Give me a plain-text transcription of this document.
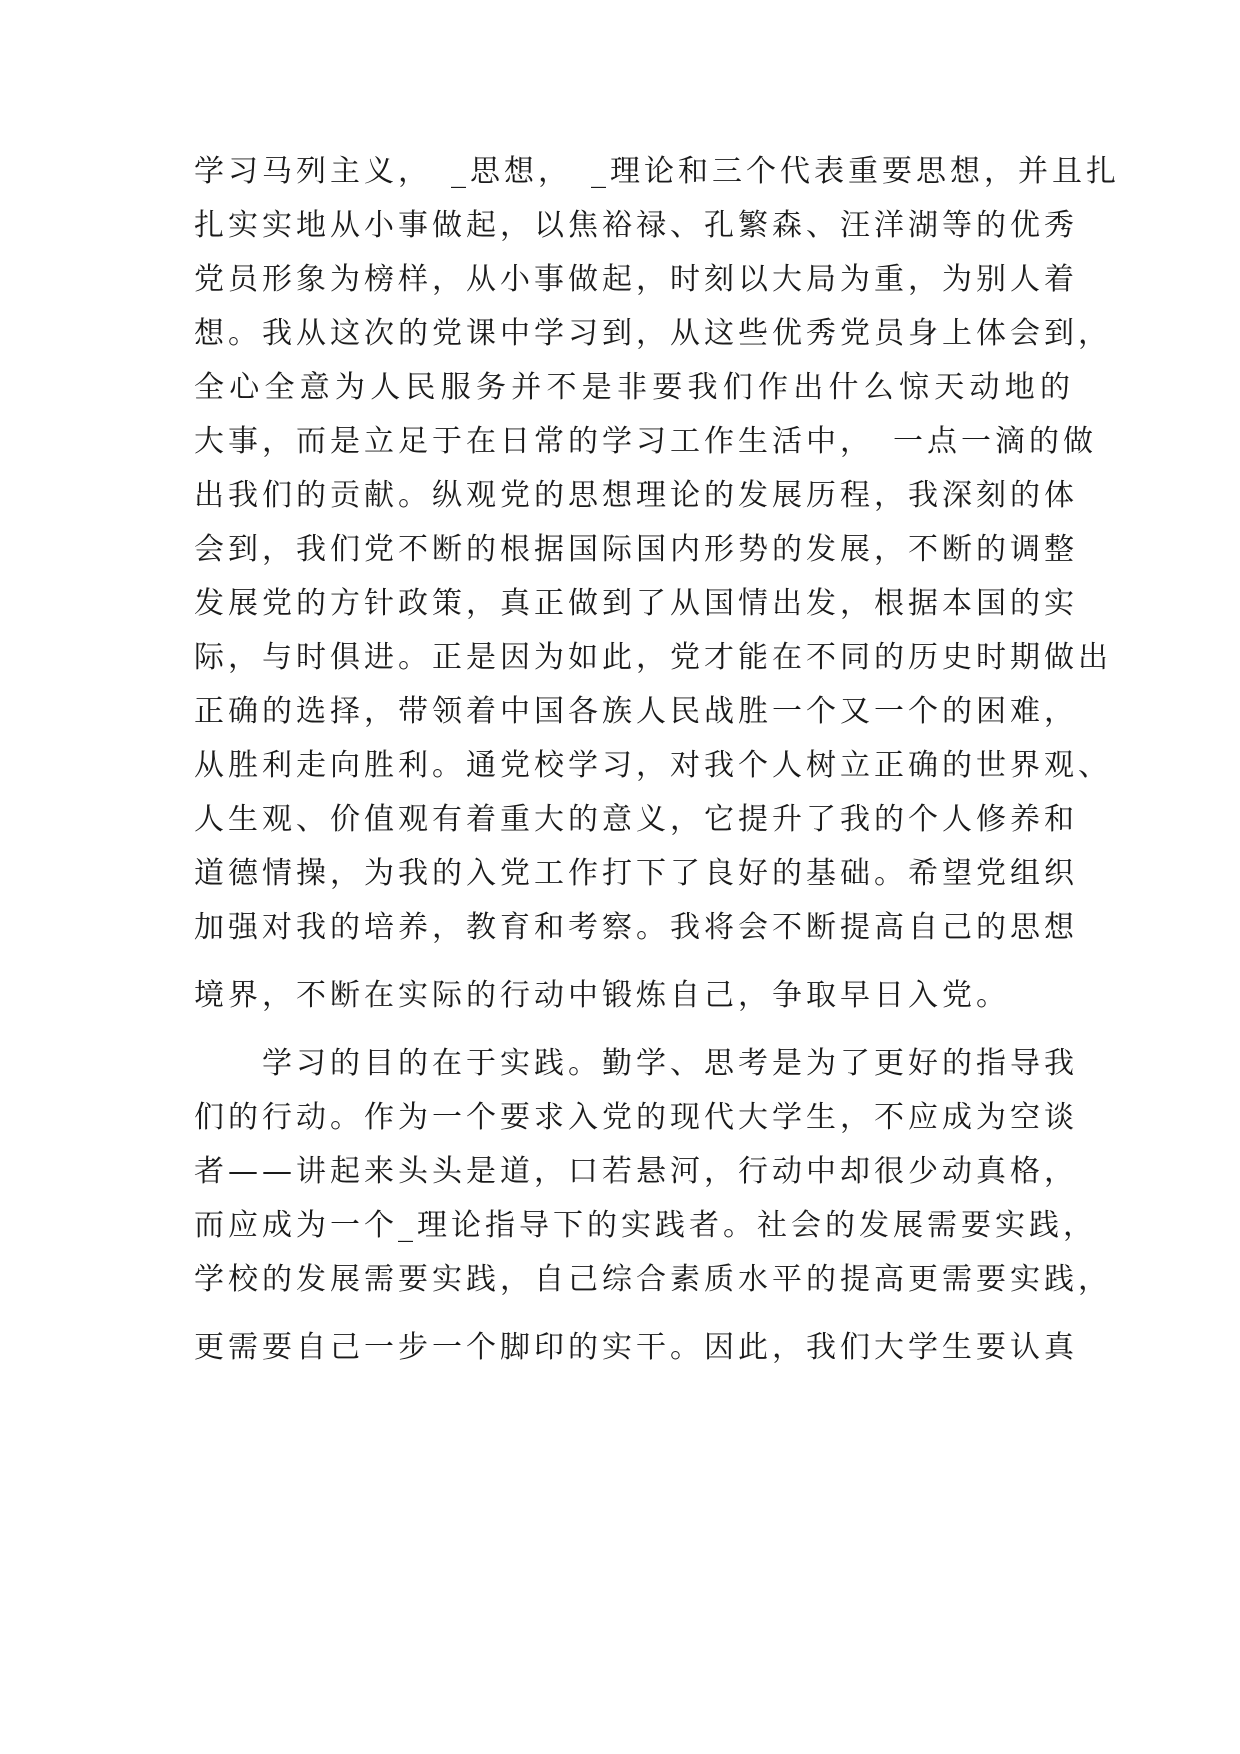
学习马列主义，　_思想，　_理论和三个代表重要思想，并且扎
扎实实地从小事做起，以焦裕禄、孔繁森、汪洋湖等的优秀
党员形象为榜样，从小事做起，时刻以大局为重，为别人着
想。我从这次的党课中学习到，从这些优秀党员身上体会到，
全心全意为人民服务并不是非要我们作出什么惊天动地的
大事，而是立足于在日常的学习工作生活中，　一点一滴的做
出我们的贡献。纵观党的思想理论的发展历程，我深刻的体
会到，我们党不断的根据国际国内形势的发展，不断的调整
发展党的方针政策，真正做到了从国情出发，根据本国的实
际，与时俱进。正是因为如此，党才能在不同的历史时期做出
正确的选择，带领着中国各族人民战胜一个又一个的困难，
从胜利走向胜利。通党校学习，对我个人树立正确的世界观、
人生观、价值观有着重大的意义，它提升了我的个人修养和
道德情操，为我的入党工作打下了良好的基础。希望党组织
加强对我的培养，教育和考察。我将会不断提高自己的思想
境界，不断在实际的行动中锻炼自己，争取早日入党。
学习的目的在于实践。勤学、思考是为了更好的指导我
们的行动。作为一个要求入党的现代大学生，不应成为空谈
者——讲起来头头是道，口若悬河，行动中却很少动真格，
而应成为一个_理论指导下的实践者。社会的发展需要实践，
学校的发展需要实践，自己综合素质水平的提高更需要实践，
更需要自己一步一个脚印的实干。因此，我们大学生要认真
